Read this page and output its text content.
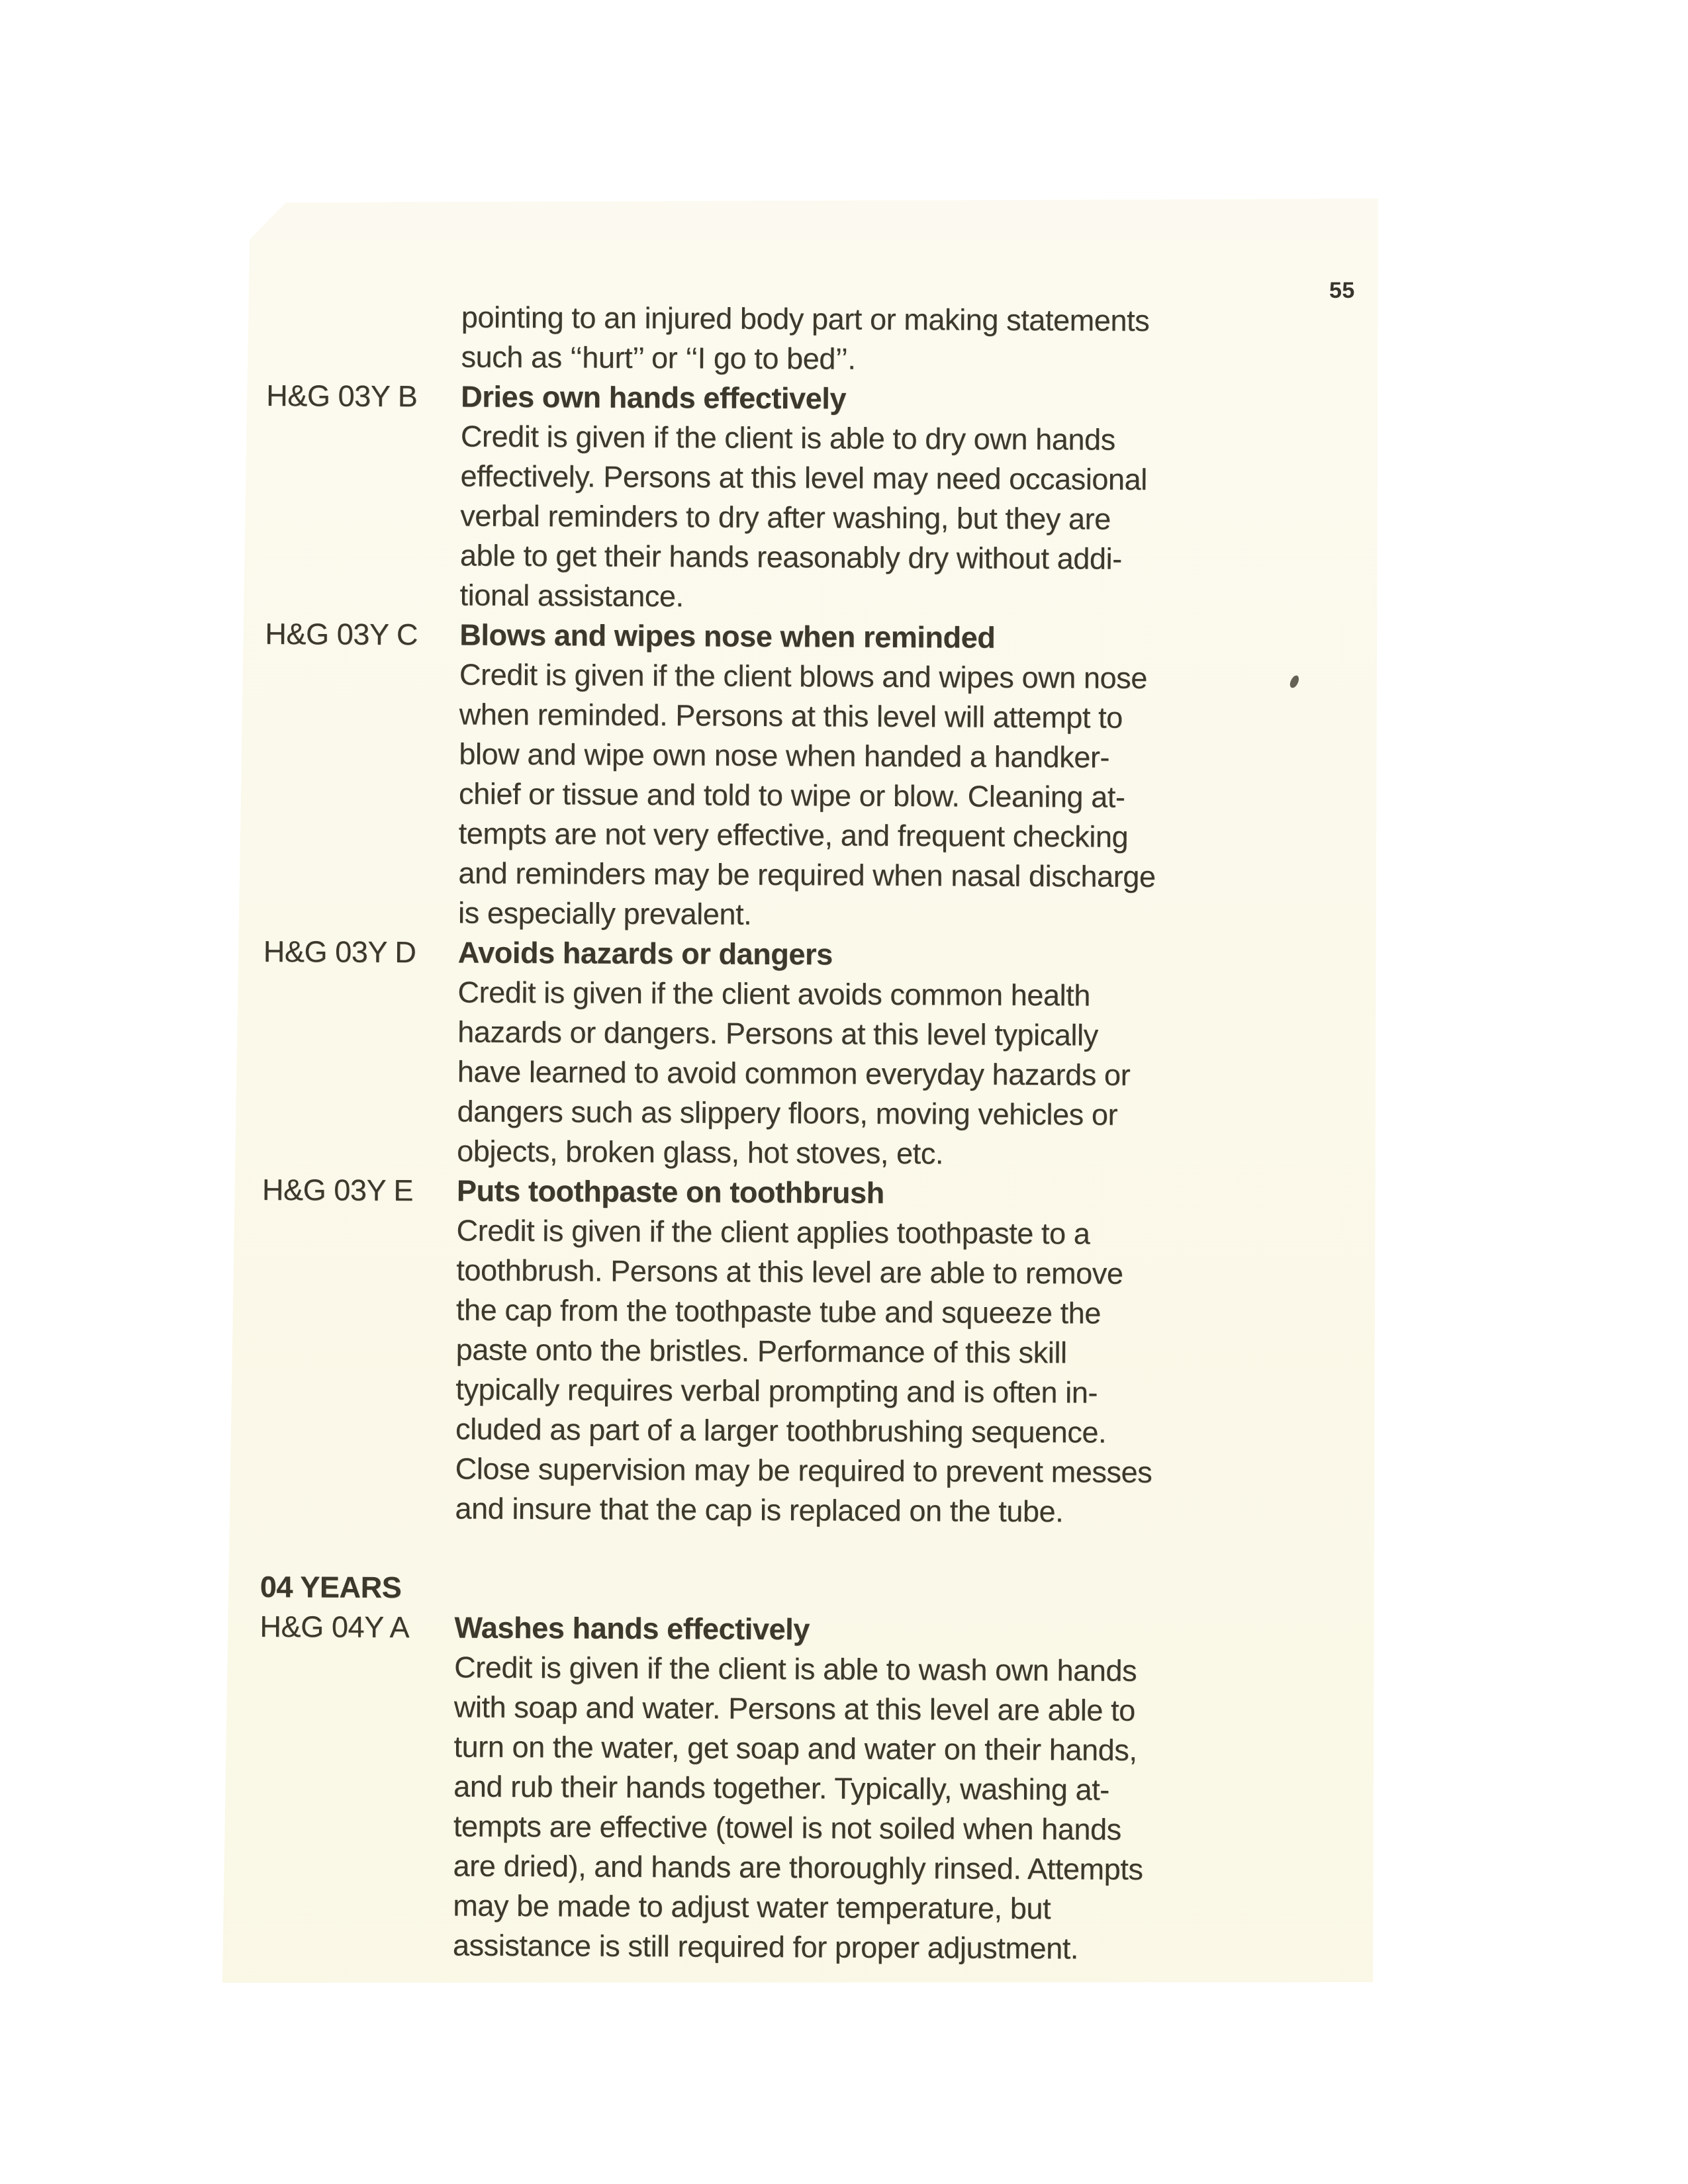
55
pointing to an injured body part or making statements
such as ‘‘hurt’’ or ‘‘I go to bed’’.
H&G 03Y B	Dries own hands effectively
Credit is given if the client is able to dry own hands
effectively. Persons at this level may need occasional
verbal reminders to dry after washing, but they are
able to get their hands reasonably dry without addi-
tional assistance.
H&G 03Y C	Blows and wipes nose when reminded
Credit is given if the client blows and wipes own nose
when reminded. Persons at this level will attempt to
blow and wipe own nose when handed a handker-
chief or tissue and told to wipe or blow. Cleaning at-
tempts are not very effective, and frequent checking
and reminders may be required when nasal discharge
is especially prevalent.
H&G 03Y D	Avoids hazards or dangers
Credit is given if the client avoids common health
hazards or dangers. Persons at this level typically
have learned to avoid common everyday hazards or
dangers such as slippery floors, moving vehicles or
objects, broken glass, hot stoves, etc.
H&G 03Y E	Puts toothpaste on toothbrush
Credit is given if the client applies toothpaste to a
toothbrush. Persons at this level are able to remove
the cap from the toothpaste tube and squeeze the
paste onto the bristles. Performance of this skill
typically requires verbal prompting and is often in-
cluded as part of a larger toothbrushing sequence.
Close supervision may be required to prevent messes
and insure that the cap is replaced on the tube.
04 YEARS
H&G 04Y A	Washes hands effectively
Credit is given if the client is able to wash own hands
with soap and water. Persons at this level are able to
turn on the water, get soap and water on their hands,
and rub their hands together. Typically, washing at-
tempts are effective (towel is not soiled when hands
are dried), and hands are thoroughly rinsed. Attempts
may be made to adjust water temperature, but
assistance is still required for proper adjustment.
